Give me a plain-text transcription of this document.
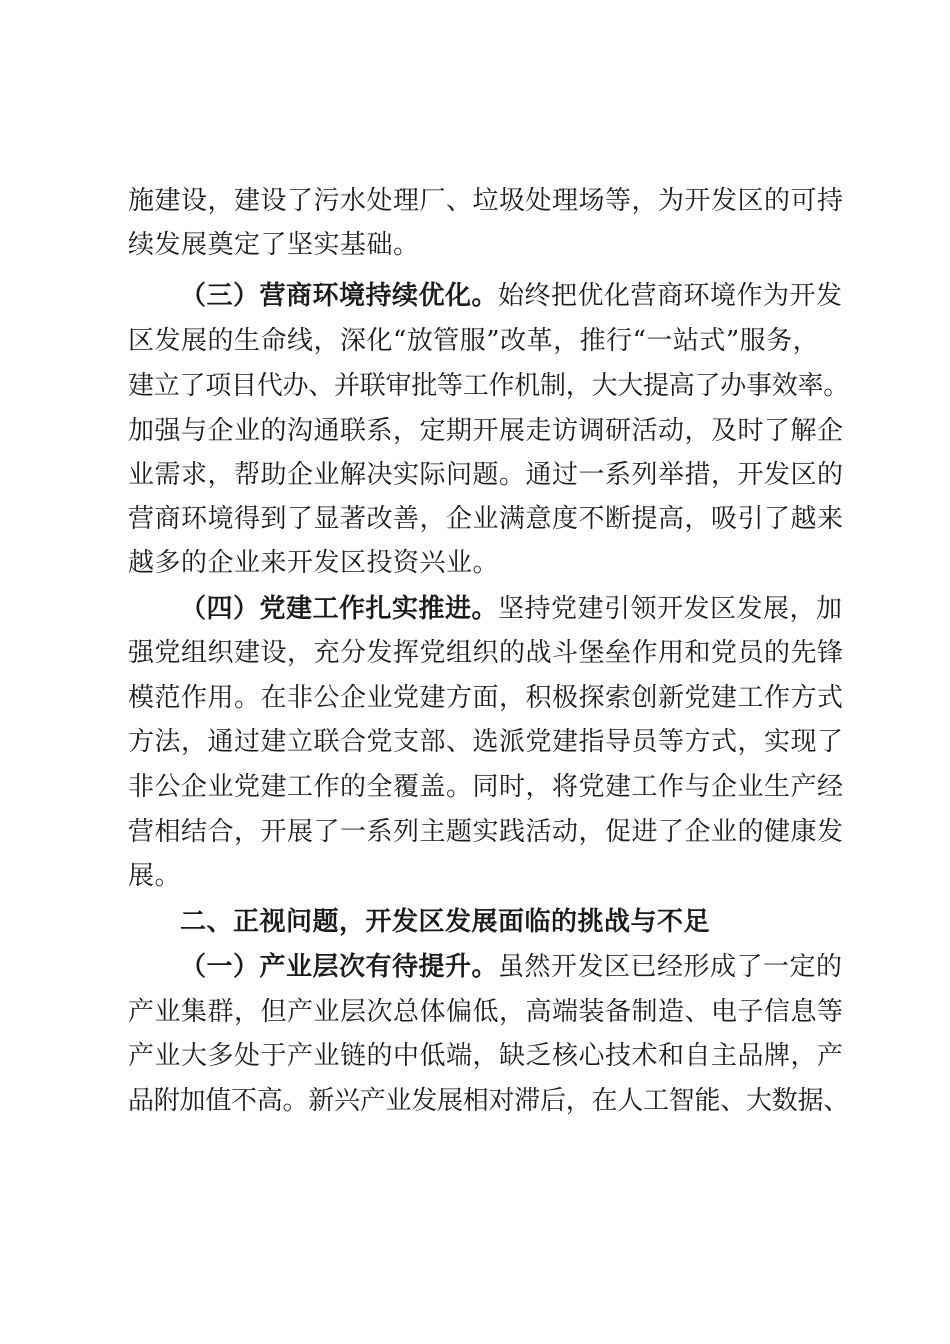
施建设，建设了污水处理厂、垃圾处理场等，为开发区的可持
续发展奠定了坚实基础。
（三）营商环境持续优化。始终把优化营商环境作为开发
区发展的生命线，深化“放管服”改革，推行“一站式”服务，
建立了项目代办、并联审批等工作机制，大大提高了办事效率。
加强与企业的沟通联系，定期开展走访调研活动，及时了解企
业需求，帮助企业解决实际问题。通过一系列举措，开发区的
营商环境得到了显著改善，企业满意度不断提高，吸引了越来
越多的企业来开发区投资兴业。
（四）党建工作扎实推进。坚持党建引领开发区发展，加
强党组织建设，充分发挥党组织的战斗堡垒作用和党员的先锋
模范作用。在非公企业党建方面，积极探索创新党建工作方式
方法，通过建立联合党支部、选派党建指导员等方式，实现了
非公企业党建工作的全覆盖。同时，将党建工作与企业生产经
营相结合，开展了一系列主题实践活动，促进了企业的健康发
展。
二、正视问题，开发区发展面临的挑战与不足
（一）产业层次有待提升。虽然开发区已经形成了一定的
产业集群，但产业层次总体偏低，高端装备制造、电子信息等
产业大多处于产业链的中低端，缺乏核心技术和自主品牌，产
品附加值不高。新兴产业发展相对滞后，在人工智能、大数据、
